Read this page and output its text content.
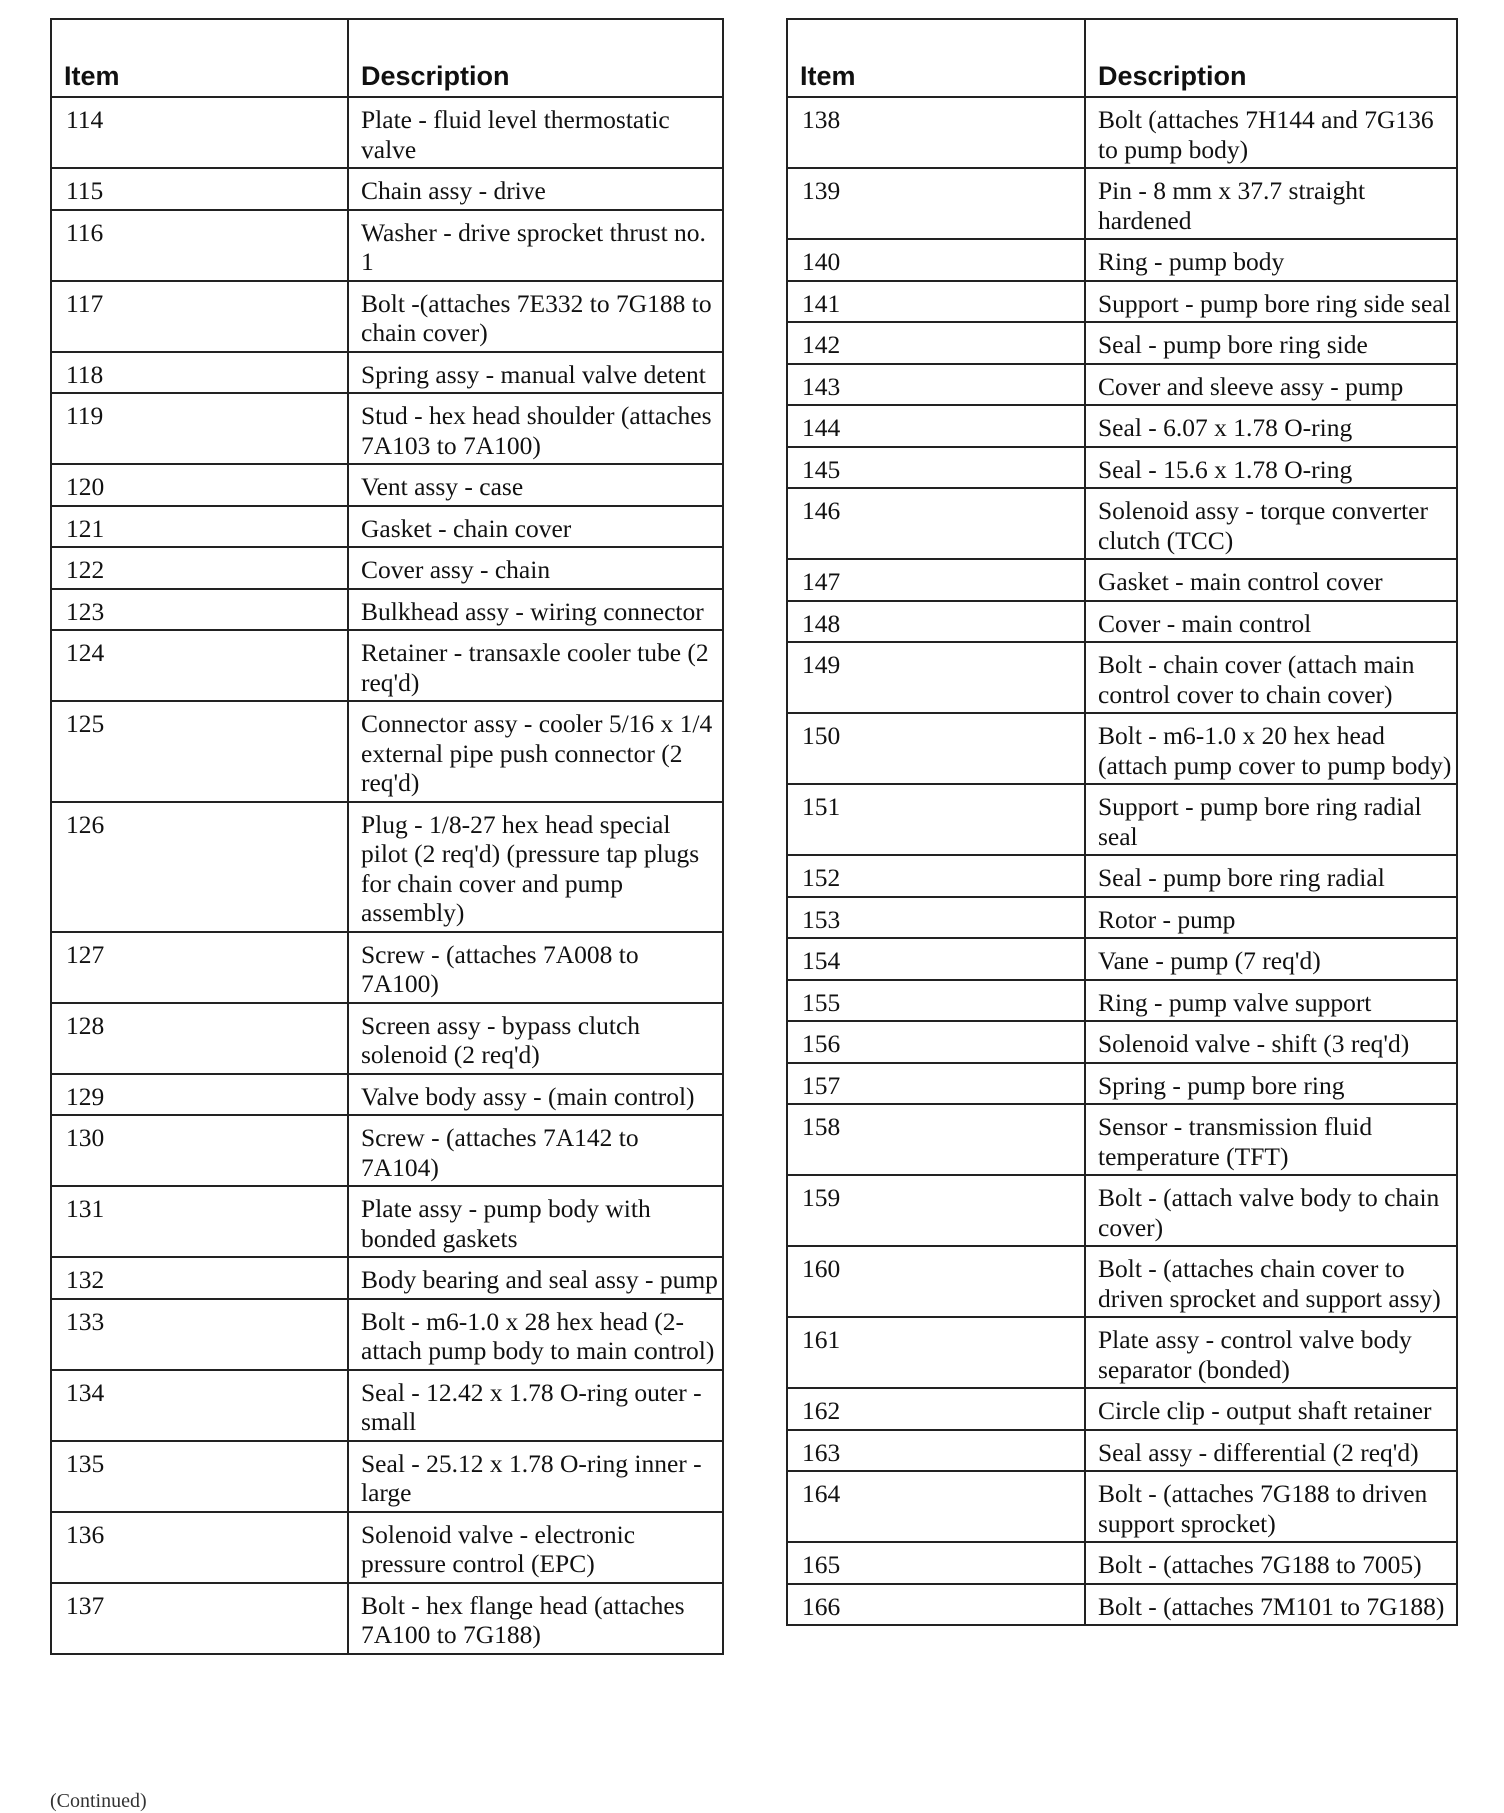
Item	Description
114	Plate - fluid level thermostatic valve
115	Chain assy - drive
116	Washer - drive sprocket thrust no. 1
117	Bolt -(attaches 7E332 to 7G188 to chain cover)
118	Spring assy - manual valve detent
119	Stud - hex head shoulder (attaches 7A103 to 7A100)
120	Vent assy - case
121	Gasket - chain cover
122	Cover assy - chain
123	Bulkhead assy - wiring connector
124	Retainer - transaxle cooler tube (2 req'd)
125	Connector assy - cooler 5/16 x 1/4 external pipe push connector (2 req'd)
126	Plug - 1/8-27 hex head special pilot (2 req'd) (pressure tap plugs for chain cover and pump assembly)
127	Screw - (attaches 7A008 to 7A100)
128	Screen assy - bypass clutch solenoid (2 req'd)
129	Valve body assy - (main control)
130	Screw - (attaches 7A142 to 7A104)
131	Plate assy - pump body with bonded gaskets
132	Body bearing and seal assy - pump
133	Bolt - m6-1.0 x 28 hex head (2-attach pump body to main control)
134	Seal - 12.42 x 1.78 O-ring outer - small
135	Seal - 25.12 x 1.78 O-ring inner - large
136	Solenoid valve - electronic pressure control (EPC)
137	Bolt - hex flange head (attaches 7A100 to 7G188)
Item	Description
138	Bolt (attaches 7H144 and 7G136 to pump body)
139	Pin - 8 mm x 37.7 straight hardened
140	Ring - pump body
141	Support - pump bore ring side seal
142	Seal - pump bore ring side
143	Cover and sleeve assy - pump
144	Seal - 6.07 x 1.78 O-ring
145	Seal - 15.6 x 1.78 O-ring
146	Solenoid assy - torque converter clutch (TCC)
147	Gasket - main control cover
148	Cover - main control
149	Bolt - chain cover (attach main control cover to chain cover)
150	Bolt - m6-1.0 x 20 hex head (attach pump cover to pump body)
151	Support - pump bore ring radial seal
152	Seal - pump bore ring radial
153	Rotor - pump
154	Vane - pump (7 req'd)
155	Ring - pump valve support
156	Solenoid valve - shift (3 req'd)
157	Spring - pump bore ring
158	Sensor - transmission fluid temperature (TFT)
159	Bolt - (attach valve body to chain cover)
160	Bolt - (attaches chain cover to driven sprocket and support assy)
161	Plate assy - control valve body separator (bonded)
162	Circle clip - output shaft retainer
163	Seal assy - differential (2 req'd)
164	Bolt - (attaches 7G188 to driven support sprocket)
165	Bolt - (attaches 7G188 to 7005)
166	Bolt - (attaches 7M101 to 7G188)
(Continued)
